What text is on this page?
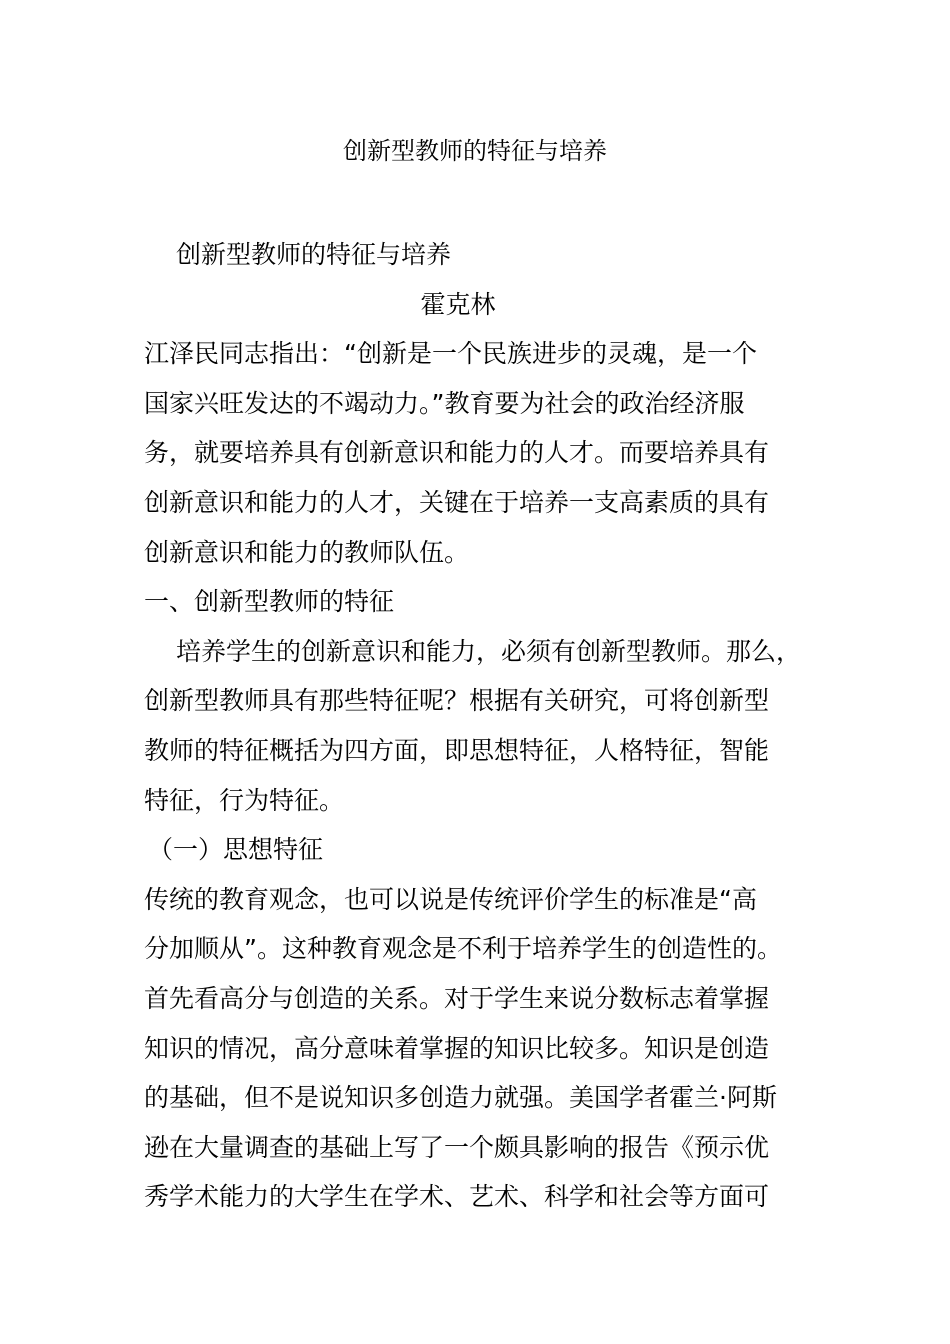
创新型教师的特征与培养
创新型教师的特征与培养
霍克林
江泽民同志指出：“创新是一个民族进步的灵魂，是一个
国家兴旺发达的不竭动力。”教育要为社会的政治经济服
务，就要培养具有创新意识和能力的人才。而要培养具有
创新意识和能力的人才，关键在于培养一支高素质的具有
创新意识和能力的教师队伍。
一、创新型教师的特征
培养学生的创新意识和能力，必须有创新型教师。那么，
创新型教师具有那些特征呢？根据有关研究，可将创新型
教师的特征概括为四方面，即思想特征，人格特征，智能
特征，行为特征。
（一）思想特征
传统的教育观念，也可以说是传统评价学生的标准是“高
分加顺从”。这种教育观念是不利于培养学生的创造性的。
首先看高分与创造的关系。对于学生来说分数标志着掌握
知识的情况，高分意味着掌握的知识比较多。知识是创造
的基础，但不是说知识多创造力就强。美国学者霍兰·阿斯
逊在大量调查的基础上写了一个颇具影响的报告《预示优
秀学术能力的大学生在学术、艺术、科学和社会等方面可
